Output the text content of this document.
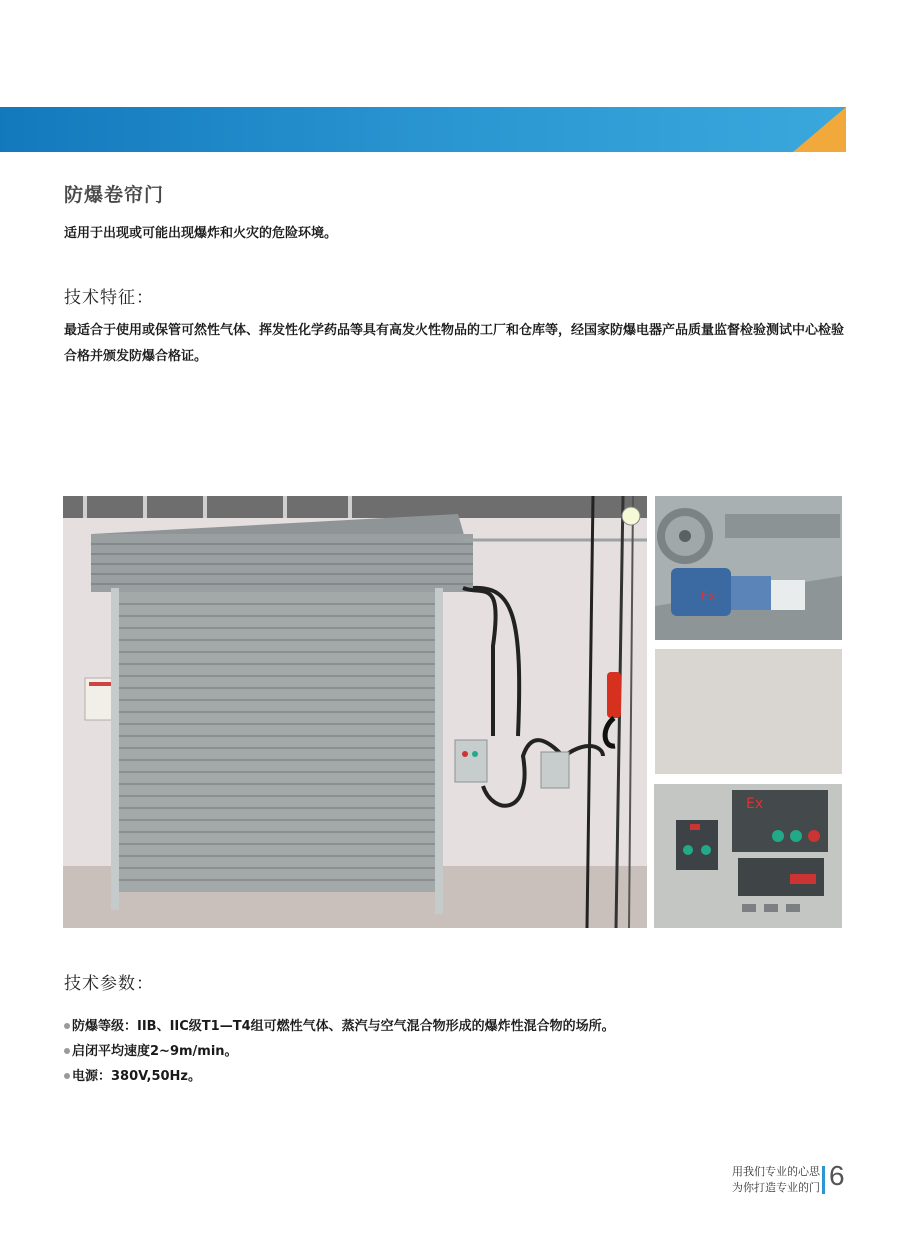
防爆卷帘门
适用于出现或可能出现爆炸和火灾的危险环境。
技术特征：
最适合于使用或保管可然性气体、挥发性化学药品等具有高发火性物品的工厂和仓库等，经国家防爆电器产品质量监督检验测试中心检验合格并颁发防爆合格证。
Ex
Ex
技术参数：
防爆等级：IIB、IIC级T1—T4组可燃性气体、蒸汽与空气混合物形成的爆炸性混合物的场所。
启闭平均速度2~9m/min。
电源：380V,50Hz。
用我们专业的心思
为你打造专业的门 6
